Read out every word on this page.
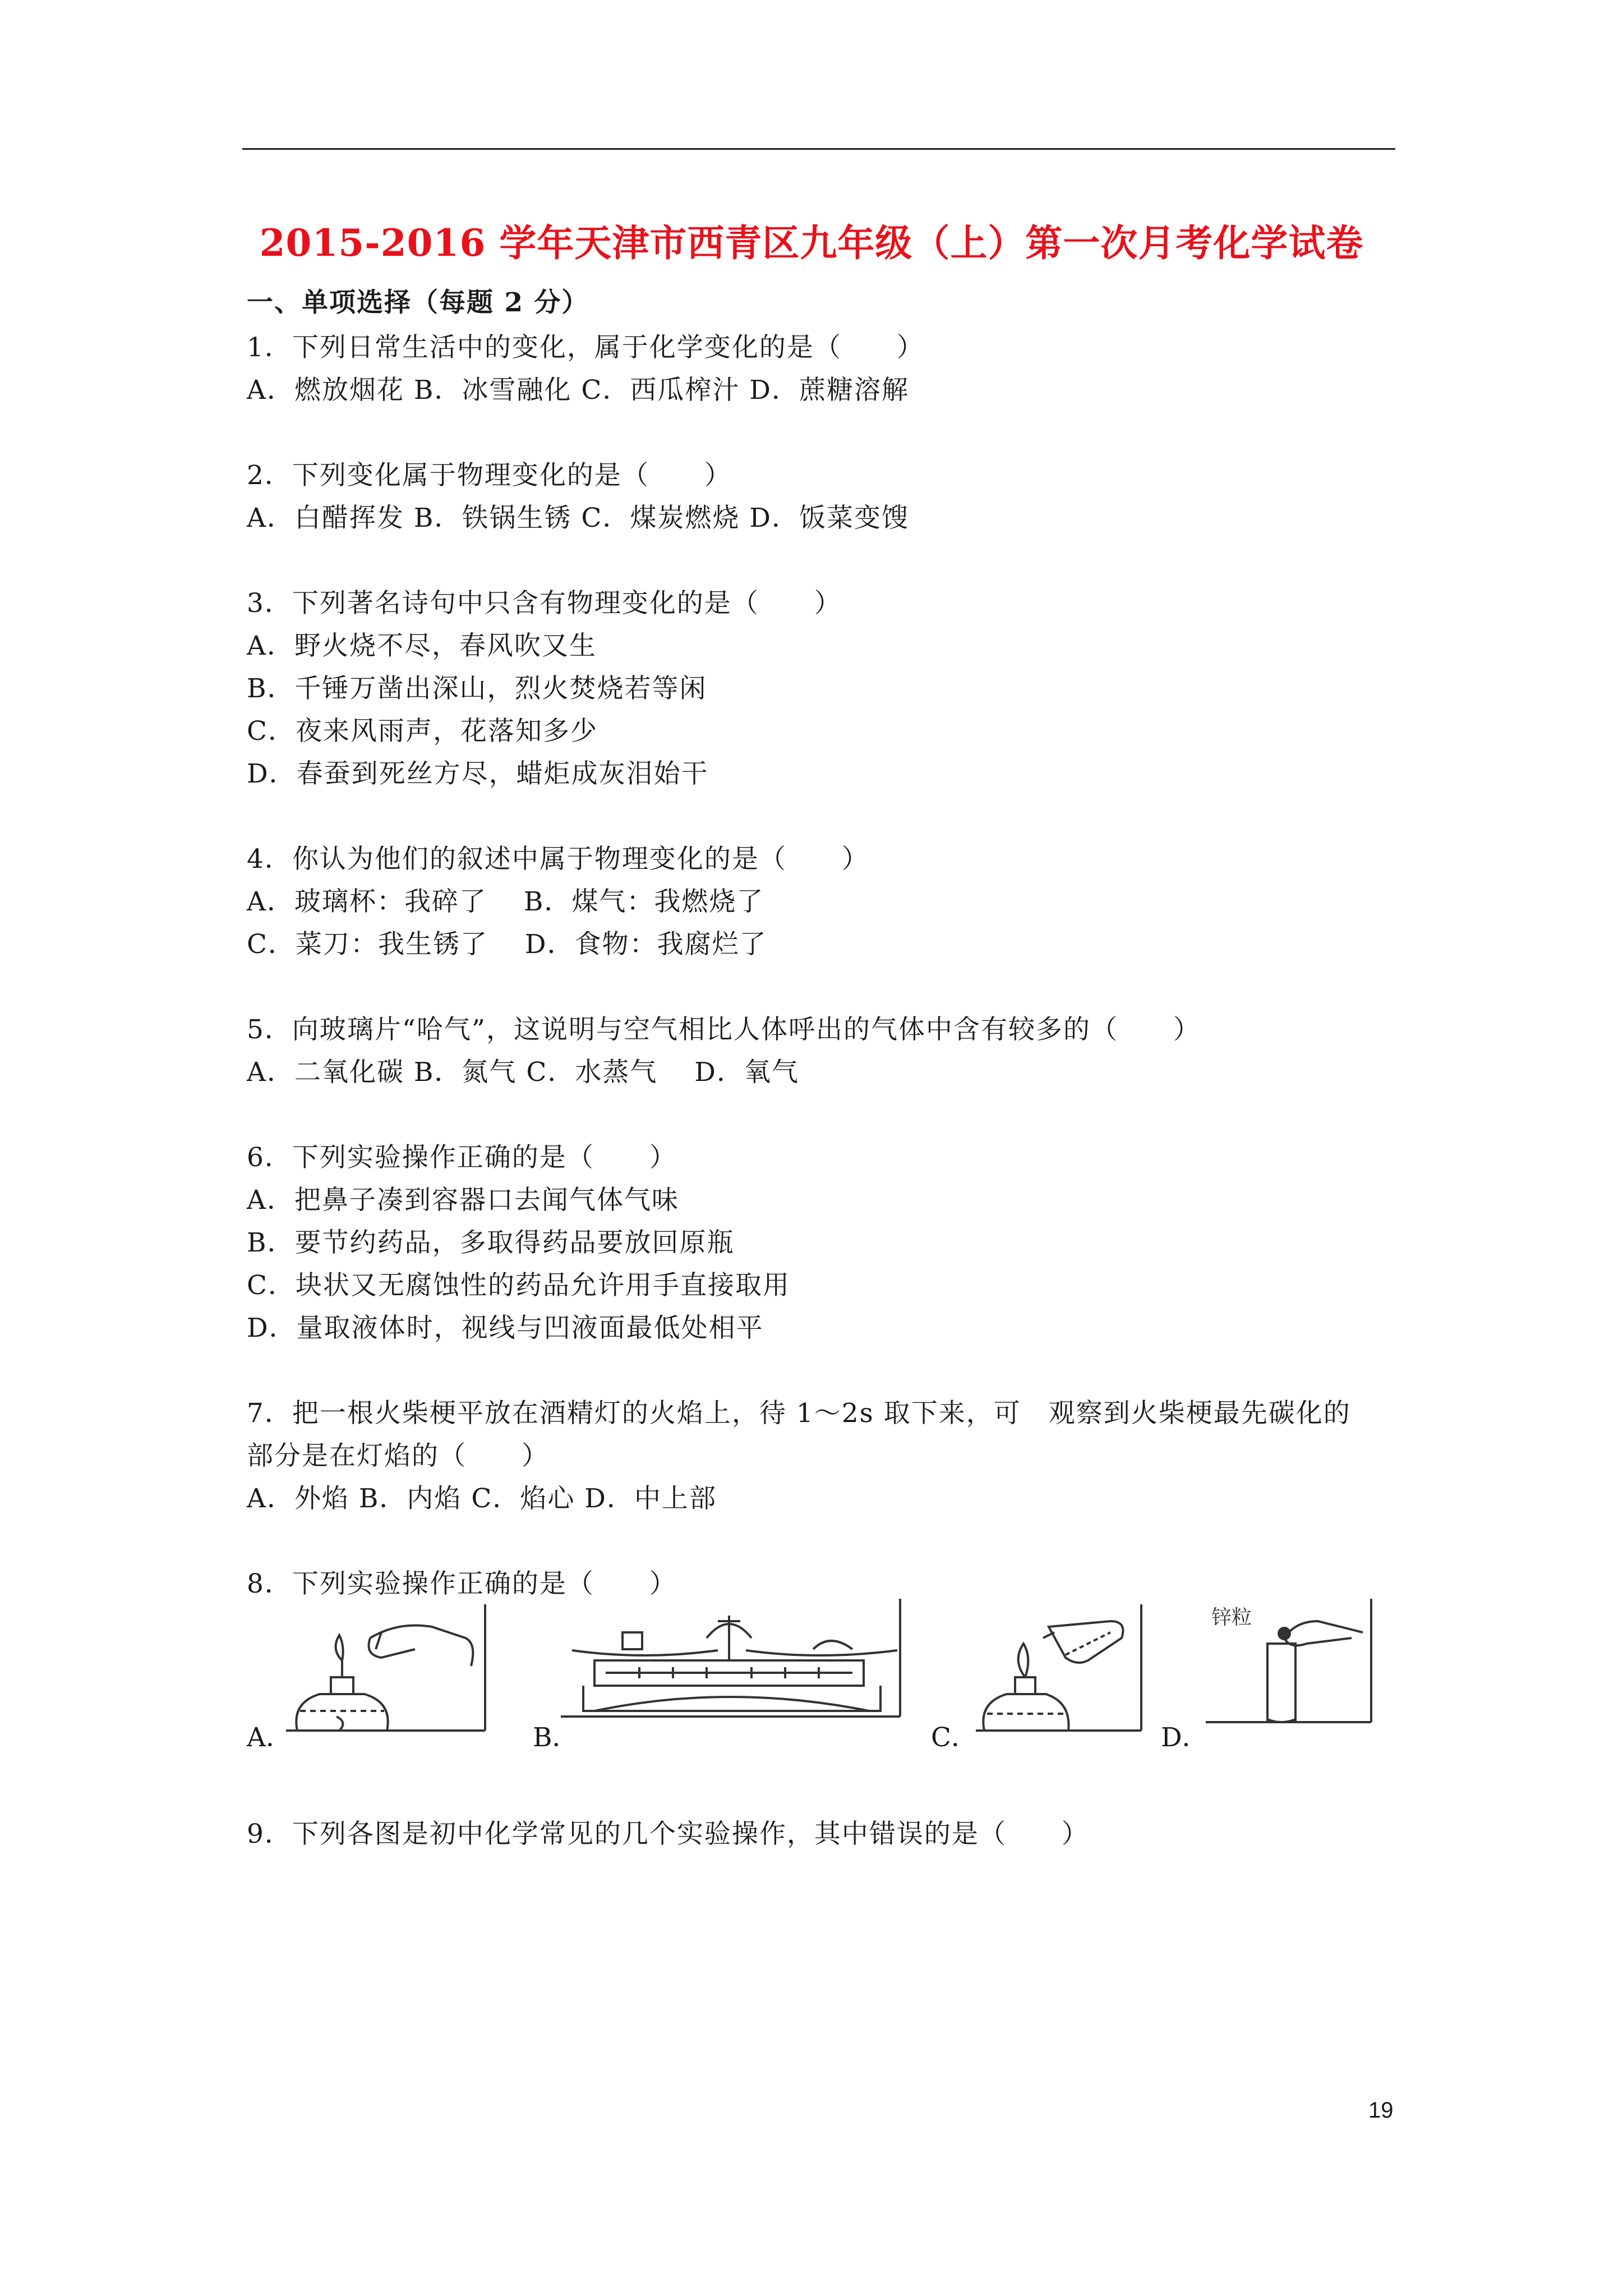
2015-2016 学年天津市西青区九年级（上）第一次月考化学试卷
一、单项选择（每题 2 分）
1．下列日常生活中的变化，属于化学变化的是（　　）
A．燃放烟花 B．冰雪融化 C．西瓜榨汁 D．蔗糖溶解
2．下列变化属于物理变化的是（　　）
A．白醋挥发 B．铁锅生锈 C．煤炭燃烧 D．饭菜变馊
3．下列著名诗句中只含有物理变化的是（　　）
A．野火烧不尽，春风吹又生
B．千锤万凿出深山，烈火焚烧若等闲
C．夜来风雨声，花落知多少
D．春蚕到死丝方尽，蜡炬成灰泪始干
4．你认为他们的叙述中属于物理变化的是（　　）
A．玻璃杯：我碎了　 B．煤气：我燃烧了
C．菜刀：我生锈了　 D．食物：我腐烂了
5．向玻璃片“哈气”，这说明与空气相比人体呼出的气体中含有较多的（　　）
A．二氧化碳 B．氮气 C．水蒸气　 D．氧气
6．下列实验操作正确的是（　　）
A．把鼻子凑到容器口去闻气体气味
B．要节约药品，多取得药品要放回原瓶
C．块状又无腐蚀性的药品允许用手直接取用
D．量取液体时，视线与凹液面最低处相平
7．把一根火柴梗平放在酒精灯的火焰上，待 1～2s 取下来，可　观察到火柴梗最先碳化的
部分是在灯焰的（　　）
A．外焰 B．内焰 C．焰心 D．中上部
8．下列实验操作正确的是（　　）
锌粒
A．	B．	C．	D．
9．下列各图是初中化学常见的几个实验操作，其中错误的是（　　）
19
